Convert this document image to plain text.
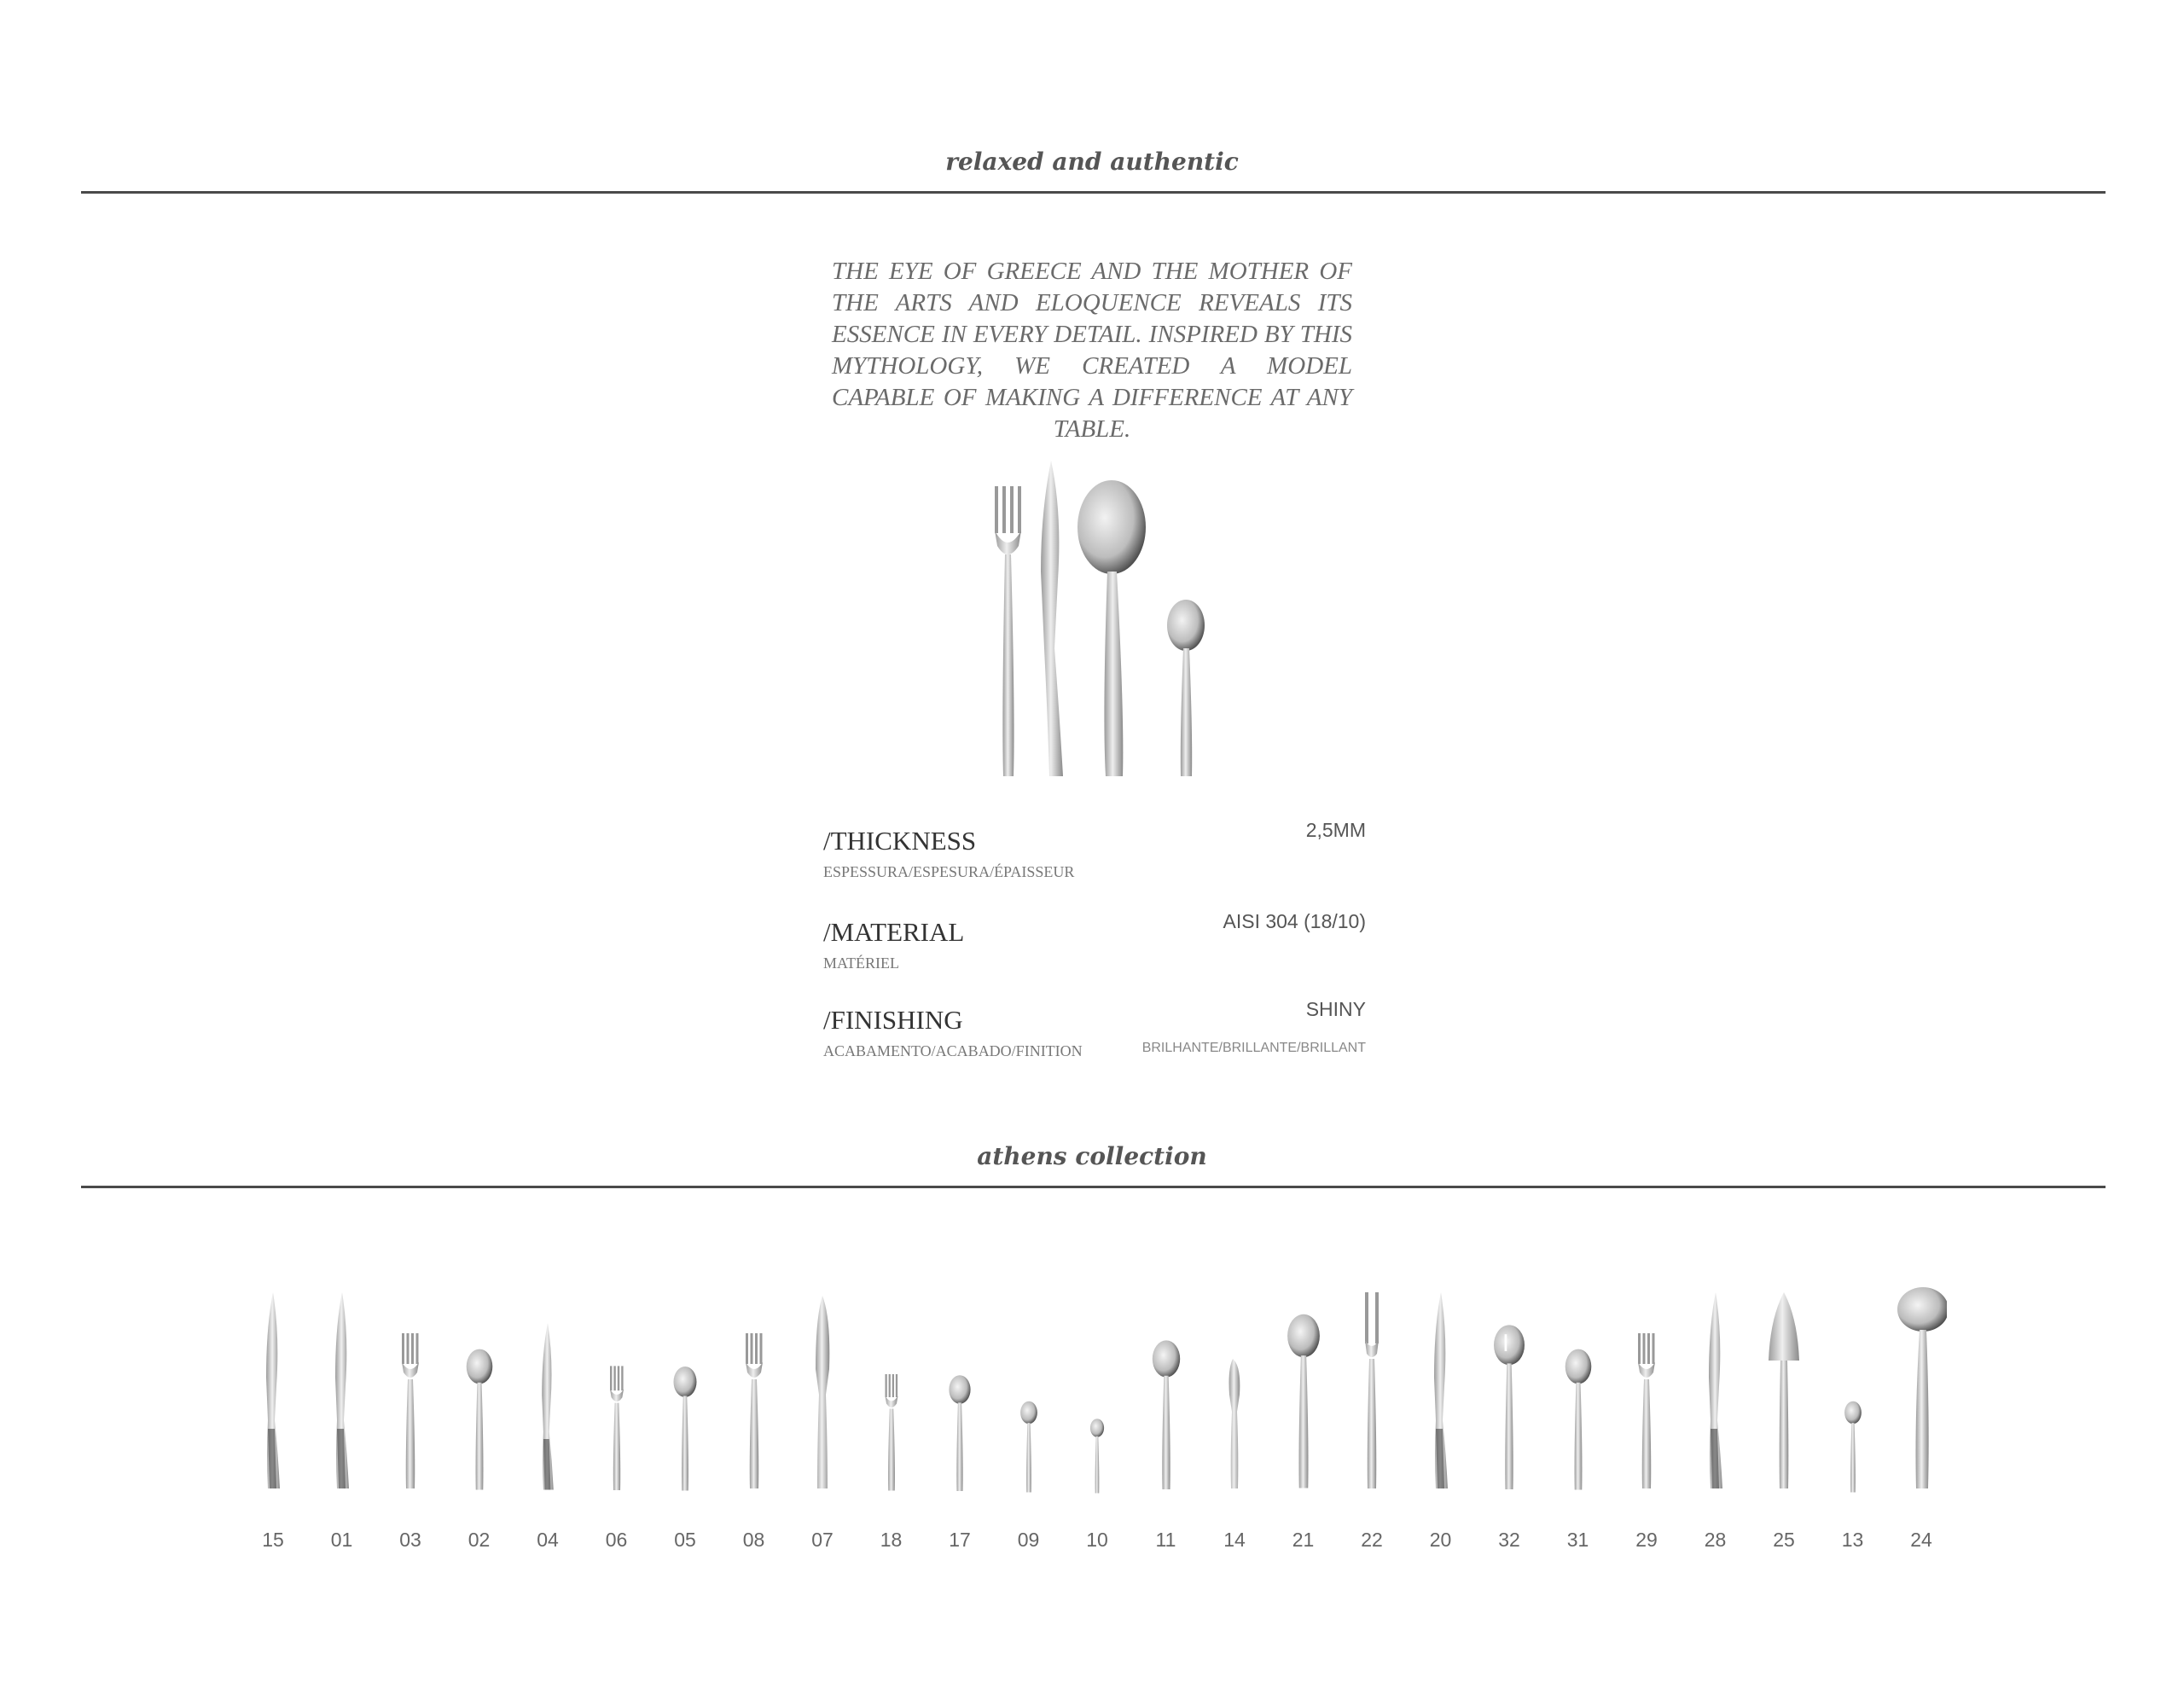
relaxed and authentic

THE EYE OF GREECE AND THE MOTHER OF THE ARTS AND ELOQUENCE REVEALS ITS ESSENCE IN EVERY DETAIL. INSPIRED BY THIS MYTHOLOGY, WE CREATED A MODEL CAPABLE OF MAKING A DIFFERENCE AT ANY TABLE.

/THICKNESS
ESPESSURA/ESPESURA/ÉPAISSEUR
2,5MM
/MATERIAL
MATÉRIEL
AISI 304 (18/10)
/FINISHING
ACABAMENTO/ACABADO/FINITION
SHINY
BRILHANTE/BRILLANTE/BRILLANT
athens collection
15	01	03	02	04	06	05	08	07	18	17	09	10	11	14	21	22	20	32	31	29	28	25	13	24
